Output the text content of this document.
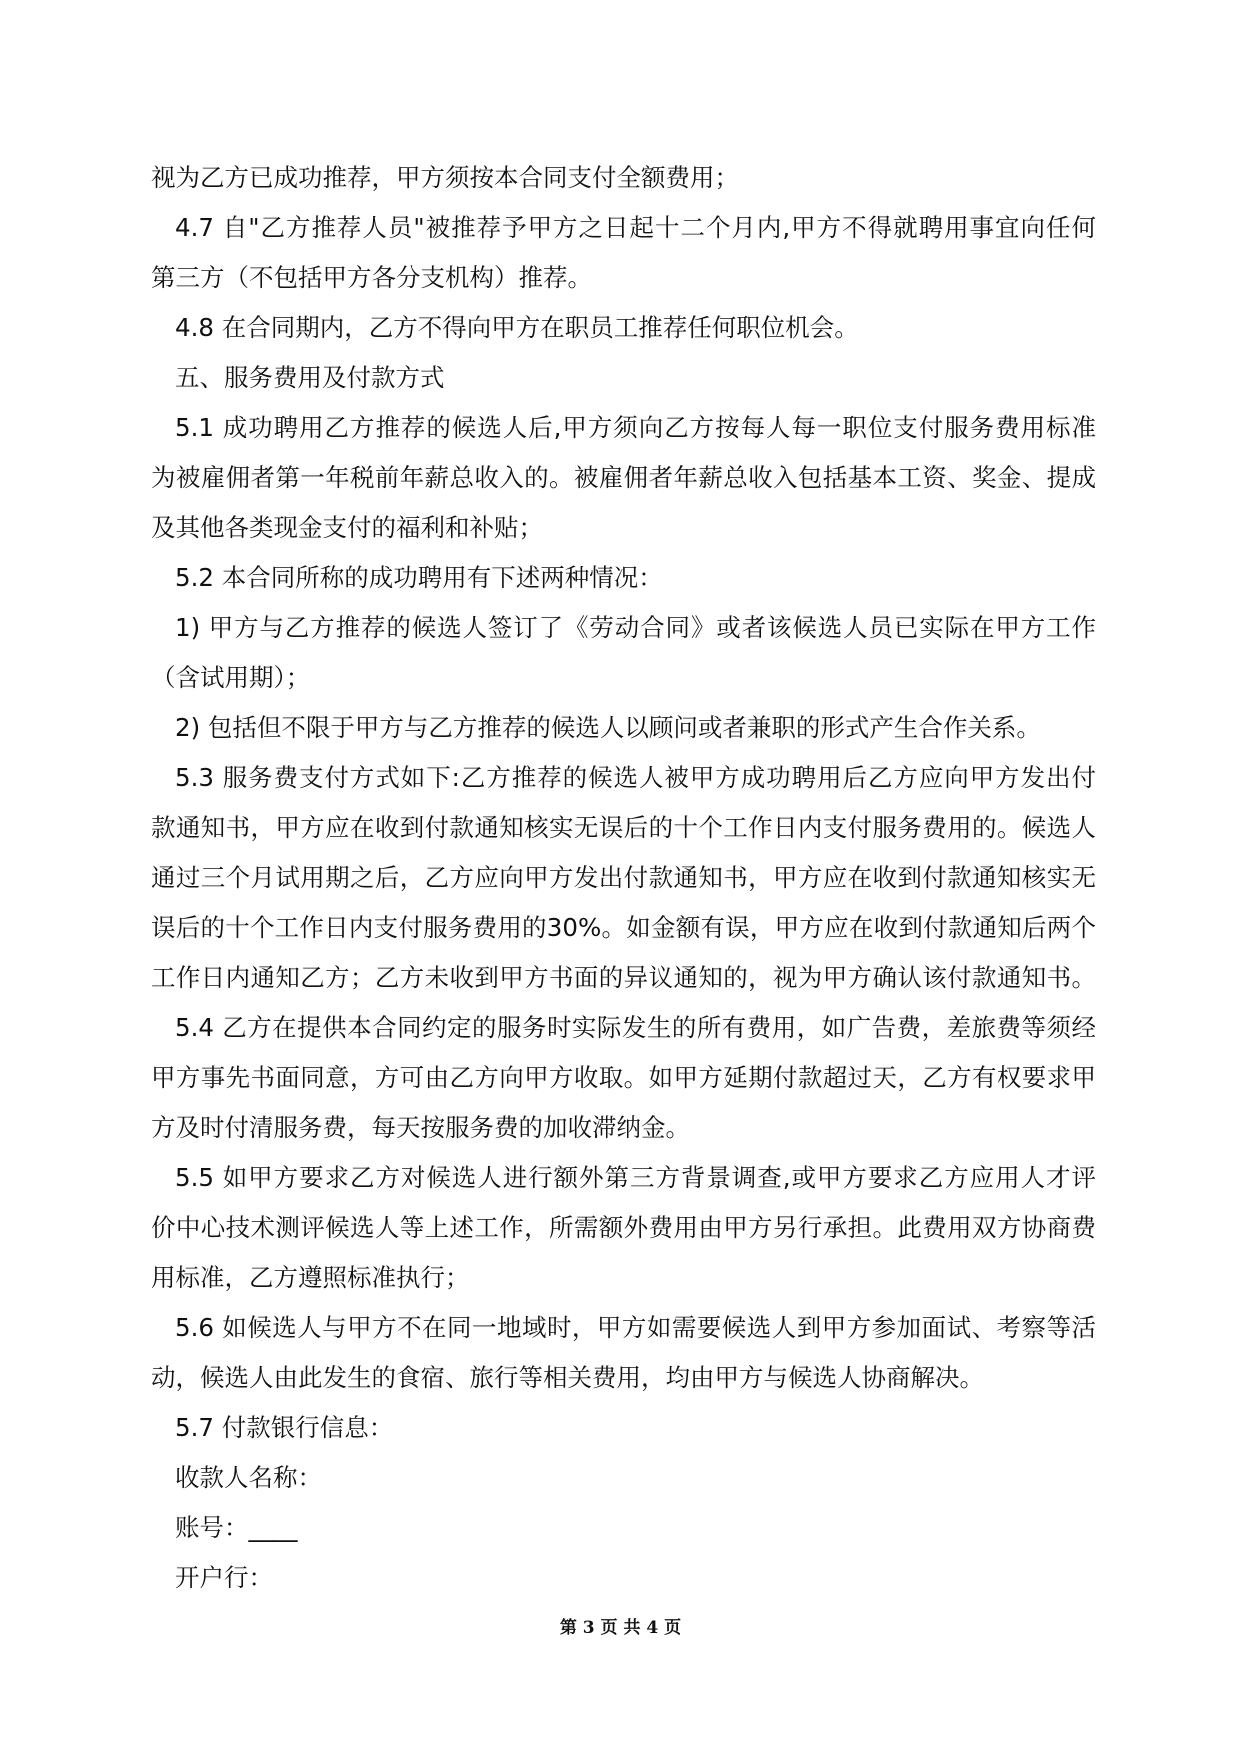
视为乙方已成功推荐，甲方须按本合同支付全额费用；
4.7 自"乙方推荐人员"被推荐予甲方之日起十二个月内,甲方不得就聘用事宜向任何
第三方（不包括甲方各分支机构）推荐。
4.8 在合同期内，乙方不得向甲方在职员工推荐任何职位机会。
五、服务费用及付款方式
5.1 成功聘用乙方推荐的候选人后,甲方须向乙方按每人每一职位支付服务费用标准
为被雇佣者第一年税前年薪总收入的。被雇佣者年薪总收入包括基本工资、奖金、提成
及其他各类现金支付的福利和补贴；
5.2 本合同所称的成功聘用有下述两种情况：
1) 甲方与乙方推荐的候选人签订了《劳动合同》或者该候选人员已实际在甲方工作
（含试用期）；
2) 包括但不限于甲方与乙方推荐的候选人以顾问或者兼职的形式产生合作关系。
5.3 服务费支付方式如下:乙方推荐的候选人被甲方成功聘用后乙方应向甲方发出付
款通知书，甲方应在收到付款通知核实无误后的十个工作日内支付服务费用的。候选人
通过三个月试用期之后，乙方应向甲方发出付款通知书，甲方应在收到付款通知核实无
误后的十个工作日内支付服务费用的30%。如金额有误，甲方应在收到付款通知后两个
工作日内通知乙方；乙方未收到甲方书面的异议通知的，视为甲方确认该付款通知书。
5.4 乙方在提供本合同约定的服务时实际发生的所有费用，如广告费，差旅费等须经
甲方事先书面同意，方可由乙方向甲方收取。如甲方延期付款超过天，乙方有权要求甲
方及时付清服务费，每天按服务费的加收滞纳金。
5.5 如甲方要求乙方对候选人进行额外第三方背景调查,或甲方要求乙方应用人才评
价中心技术测评候选人等上述工作，所需额外费用由甲方另行承担。此费用双方协商费
用标准，乙方遵照标准执行；
5.6 如候选人与甲方不在同一地域时，甲方如需要候选人到甲方参加面试、考察等活
动，候选人由此发生的食宿、旅行等相关费用，均由甲方与候选人协商解决。
5.7 付款银行信息：
收款人名称：
账号：____
开户行：
第 3 页 共 4 页
